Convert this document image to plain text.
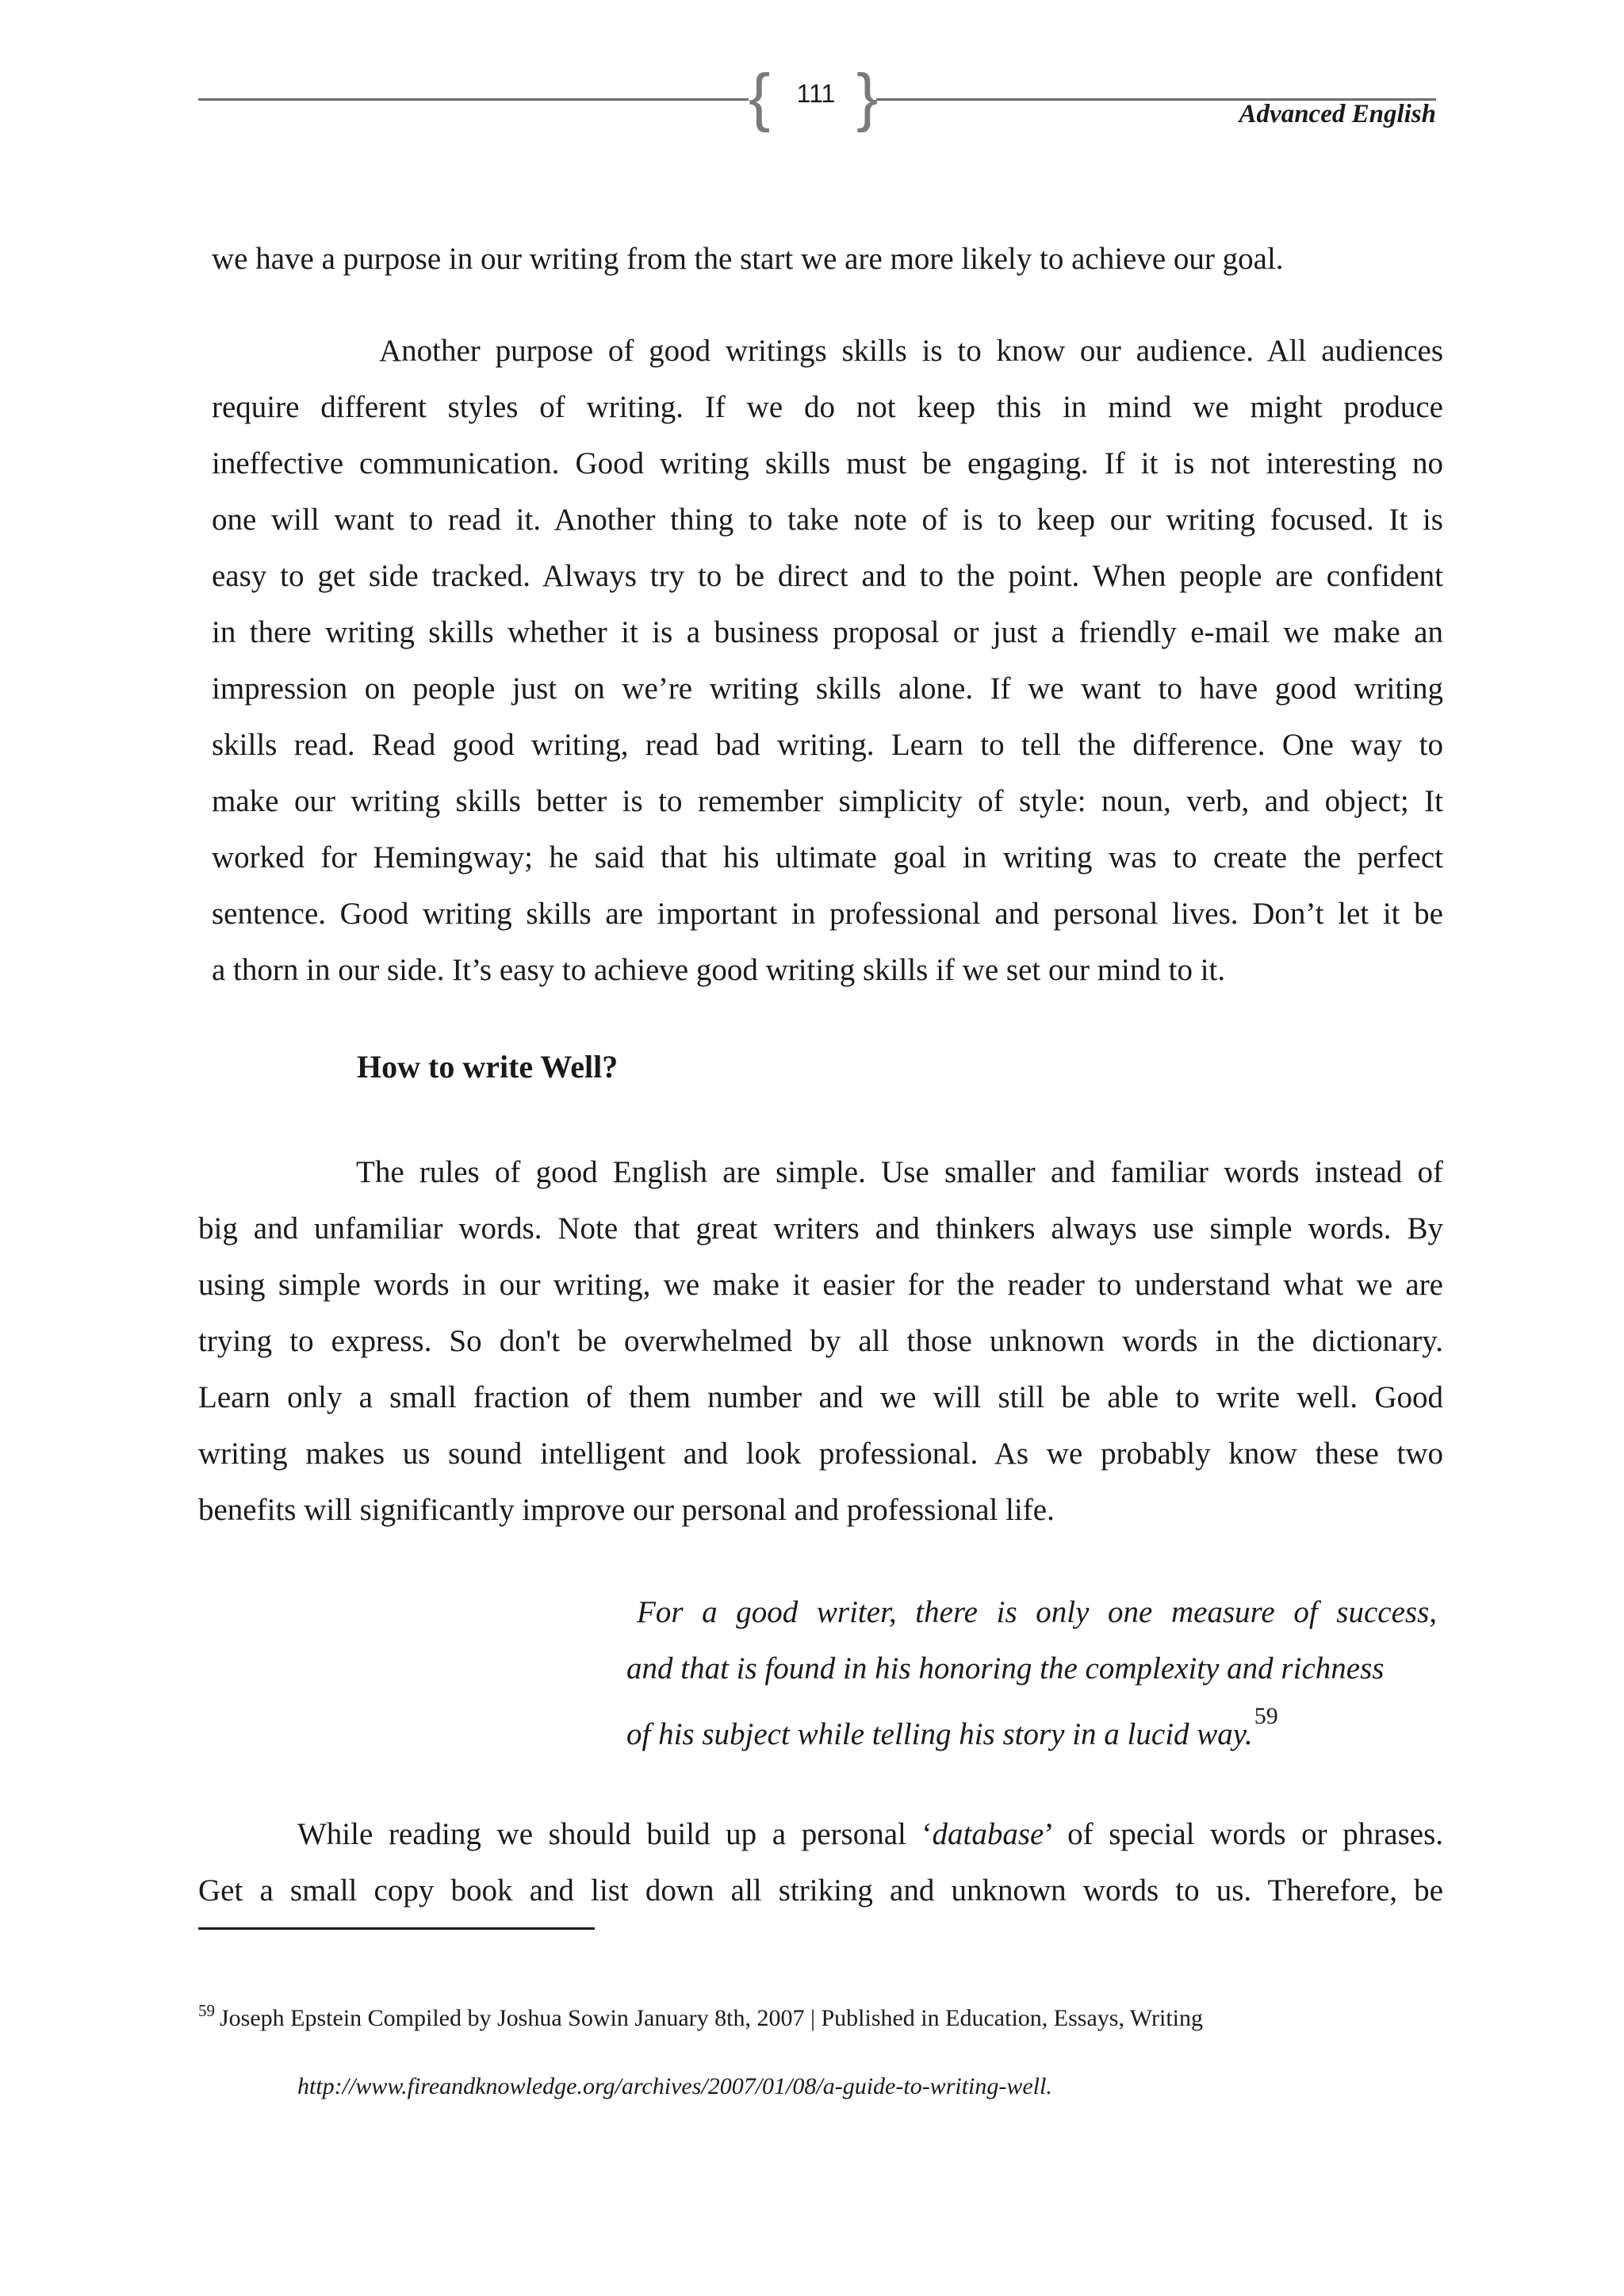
{ }
111
Advanced English

we have a purpose in our writing from the start we are more likely to achieve our goal.

Another purpose of good writings skills is to know our audience. All audiences

require different styles of writing. If we do not keep this in mind we might produce

ineffective communication. Good writing skills must be engaging. If it is not interesting no

one will want to read it. Another thing to take note of is to keep our writing focused. It is

easy to get side tracked. Always try to be direct and to the point. When people are confident

in there writing skills whether it is a business proposal or just a friendly e-mail we make an

impression on people just on we’re writing skills alone. If we want to have good writing

skills read. Read good writing, read bad writing. Learn to tell the difference. One way to

make our writing skills better is to remember simplicity of style: noun, verb, and object; It

worked for Hemingway; he said that his ultimate goal in writing was to create the perfect

sentence. Good writing skills are important in professional and personal lives. Don’t let it be

a thorn in our side. It’s easy to achieve good writing skills if we set our mind to it.

How to write Well?

The rules of good English are simple. Use smaller and familiar words instead of

big and unfamiliar words. Note that great writers and thinkers always use simple words. By

using simple words in our writing, we make it easier for the reader to understand what we are

trying to express. So don't be overwhelmed by all those unknown words in the dictionary.

Learn only a small fraction of them number and we will still be able to write well. Good

writing makes us sound intelligent and look professional. As we probably know these two

benefits will significantly improve our personal and professional life.

For a good writer, there is only one measure of success,

and that is found in his honoring the complexity and richness

of his subject while telling his story in a lucid way.$^{59}$

While reading we should build up a personal ‘database’ of special words or phrases.

Get a small copy book and list down all striking and unknown words to us. Therefore, be

$^{59}$ Joseph Epstein Compiled by Joshua Sowin January 8th, 2007 | Published in Education, Essays, Writing

http://www.fireandknowledge.org/archives/2007/01/08/a-guide-to-writing-well.
